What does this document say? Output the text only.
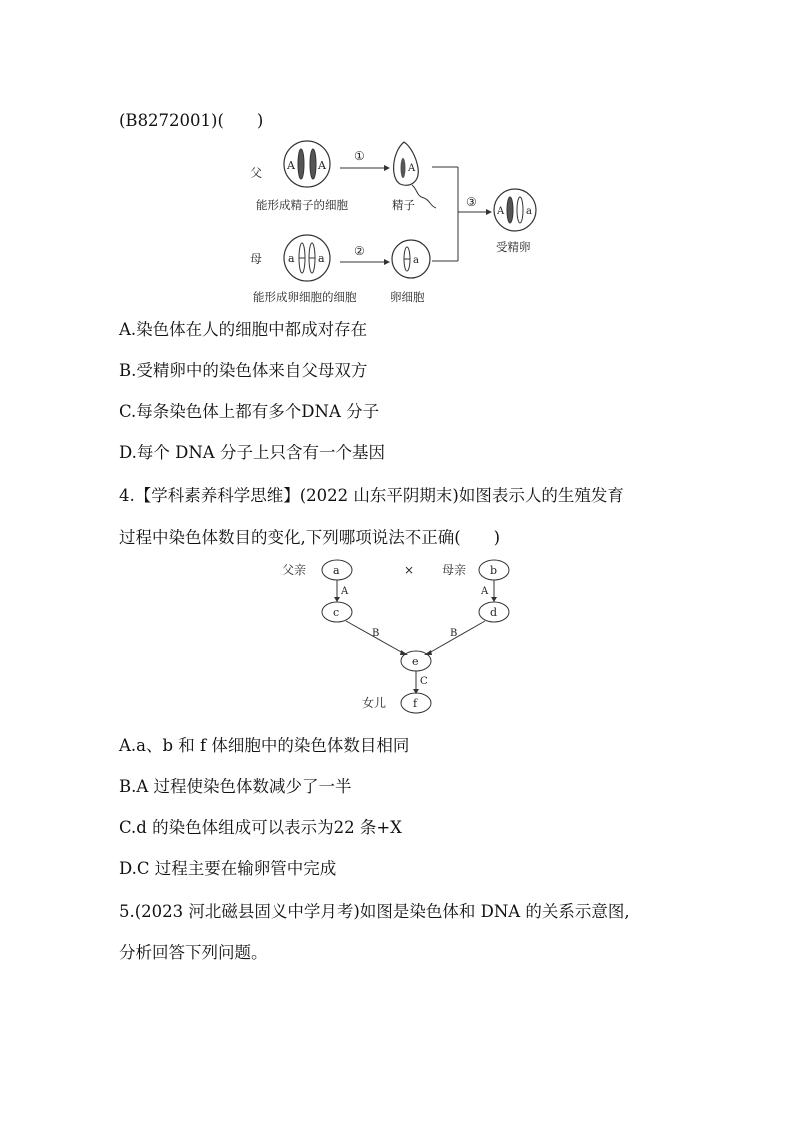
(B8272001)(　　)
父
A A
能形成精子的细胞
①
A
精子	③
A a
受精卵
母 a a
能形成卵细胞的细胞
②
a
卵细胞
A.染色体在人的细胞中都成对存在
B.受精卵中的染色体来自父母双方
C.每条染色体上都有多个DNA 分子
D.每个 DNA 分子上只含有一个基因
4.【学科素养科学思维】(2022 山东平阴期末)如图表示人的生殖发育
过程中染色体数目的变化,下列哪项说法不正确(　　)
父亲 a	× 母亲 b
A	A
c	d
B	B
e
C
女儿 f
A.a、b 和 f 体细胞中的染色体数目相同
B.A 过程使染色体数减少了一半
C.d 的染色体组成可以表示为22 条+X
D.C 过程主要在输卵管中完成
5.(2023 河北磁县固义中学月考)如图是染色体和 DNA 的关系示意图,
分析回答下列问题。
